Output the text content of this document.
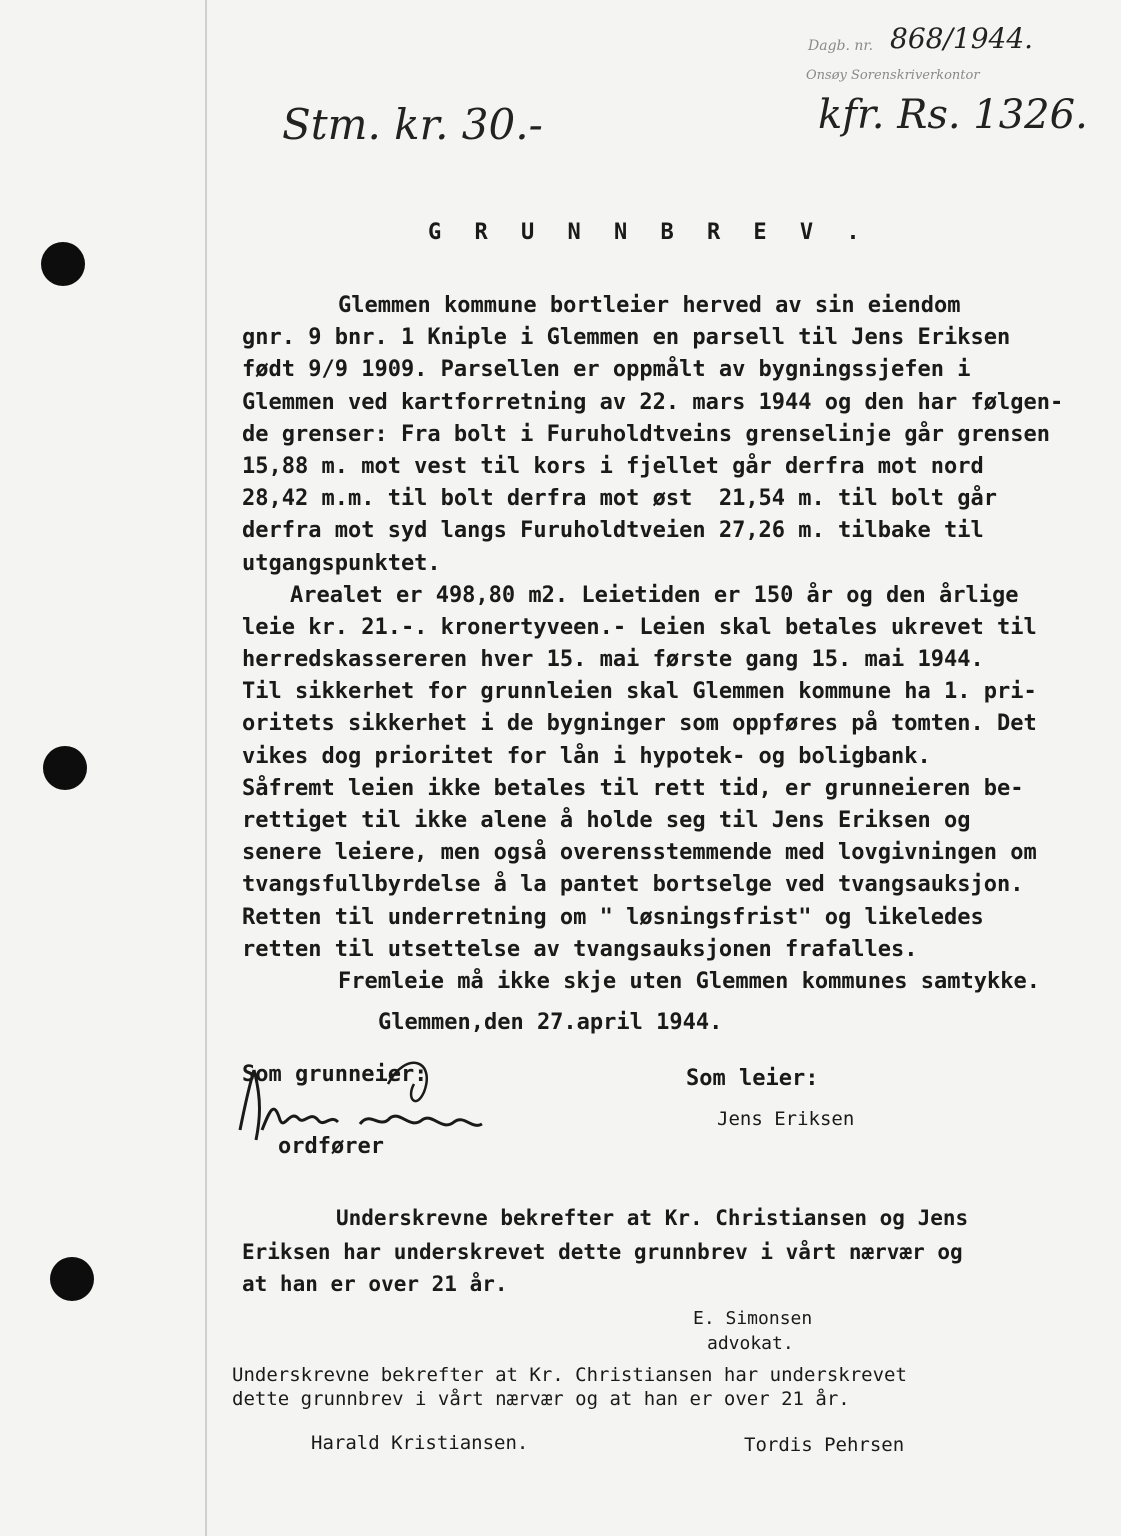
Dagb. nr. 868/1944.
Onsøy Sorenskriverkontor
Stm. kr. 30.-	kfr. Rs. 1326.
G R U N N B R E V .
Glemmen kommune bortleier herved av sin eiendom
gnr. 9 bnr. 1 Kniple i Glemmen en parsell til Jens Eriksen
født 9/9 1909. Parsellen er oppmålt av bygningssjefen i
Glemmen ved kartforretning av 22. mars 1944 og den har følgen-
de grenser: Fra bolt i Furuholdtveins grenselinje går grensen
15,88 m. mot vest til kors i fjellet går derfra mot nord
28,42 m.m. til bolt derfra mot øst  21,54 m. til bolt går
derfra mot syd langs Furuholdtveien 27,26 m. tilbake til
utgangspunktet.
Arealet er 498,80 m2. Leietiden er 150 år og den årlige
leie kr. 21.-. kronertyveen.- Leien skal betales ukrevet til
herredskassereren hver 15. mai første gang 15. mai 1944.
Til sikkerhet for grunnleien skal Glemmen kommune ha 1. pri-
oritets sikkerhet i de bygninger som oppføres på tomten. Det
vikes dog prioritet for lån i hypotek- og boligbank.
Såfremt leien ikke betales til rett tid, er grunneieren be-
rettiget til ikke alene å holde seg til Jens Eriksen og
senere leiere, men også overensstemmende med lovgivningen om
tvangsfullbyrdelse å la pantet bortselge ved tvangsauksjon.
Retten til underretning om " løsningsfrist" og likeledes
retten til utsettelse av tvangsauksjonen frafalles.
Fremleie må ikke skje uten Glemmen kommunes samtykke.
Glemmen,den 27.april 1944.
Som grunneier:	Som leier:
ordfører
Jens Eriksen
Underskrevne bekrefter at Kr. Christiansen og Jens
Eriksen har underskrevet dette grunnbrev i vårt nærvær og
at han er over 21 år.
E. Simonsen
advokat.
Underskrevne bekrefter at Kr. Christiansen har underskrevet
dette grunnbrev i vårt nærvær og at han er over 21 år.
Harald Kristiansen.	Tordis Pehrsen
